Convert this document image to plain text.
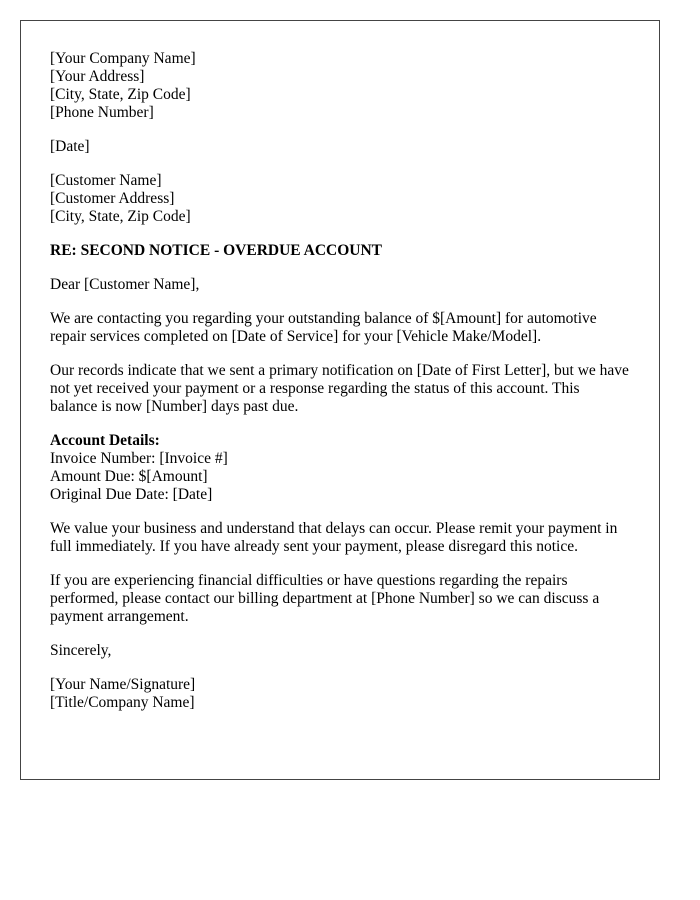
[Your Company Name]
[Your Address]
[City, State, Zip Code]
[Phone Number]
[Date]
[Customer Name]
[Customer Address]
[City, State, Zip Code]
RE: SECOND NOTICE - OVERDUE ACCOUNT

Dear [Customer Name],

We are contacting you regarding your outstanding balance of $[Amount] for automotive repair services completed on [Date of Service] for your [Vehicle Make/Model].

Our records indicate that we sent a primary notification on [Date of First Letter], but we have not yet received your payment or a response regarding the status of this account. This balance is now [Number] days past due.

Account Details:
Invoice Number: [Invoice #]
Amount Due: $[Amount]
Original Due Date: [Date]

We value your business and understand that delays can occur. Please remit your payment in full immediately. If you have already sent your payment, please disregard this notice.

If you are experiencing financial difficulties or have questions regarding the repairs performed, please contact our billing department at [Phone Number] so we can discuss a payment arrangement.

Sincerely,

[Your Name/Signature]
[Title/Company Name]
